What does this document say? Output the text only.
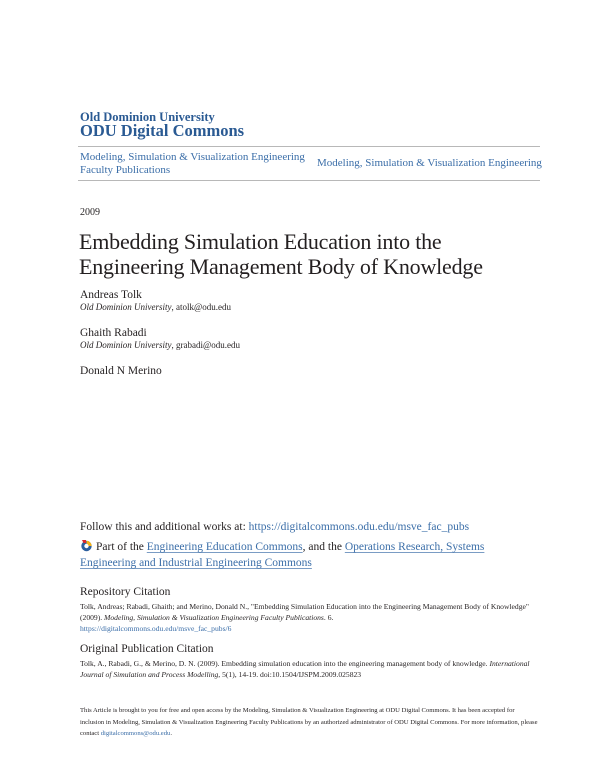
Old Dominion University
ODU Digital Commons
Modeling, Simulation & Visualization Engineering Faculty Publications
Modeling, Simulation & Visualization Engineering
2009
Embedding Simulation Education into the
Engineering Management Body of Knowledge
Andreas Tolk
Old Dominion University, atolk@odu.edu
Ghaith Rabadi
Old Dominion University, grabadi@odu.edu
Donald N Merino
Follow this and additional works at: https://digitalcommons.odu.edu/msve_fac_pubs
Part of the Engineering Education Commons, and the Operations Research, Systems Engineering and Industrial Engineering Commons
Repository Citation
Tolk, Andreas; Rabadi, Ghaith; and Merino, Donald N., "Embedding Simulation Education into the Engineering Management Body of Knowledge" (2009). Modeling, Simulation & Visualization Engineering Faculty Publications. 6.
https://digitalcommons.odu.edu/msve_fac_pubs/6
Original Publication Citation
Tolk, A., Rabadi, G., & Merino, D. N. (2009). Embedding simulation education into the engineering management body of knowledge. International Journal of Simulation and Process Modelling, 5(1), 14-19. doi:10.1504/IJSPM.2009.025823
This Article is brought to you for free and open access by the Modeling, Simulation & Visualization Engineering at ODU Digital Commons. It has been accepted for inclusion in Modeling, Simulation & Visualization Engineering Faculty Publications by an authorized administrator of ODU Digital Commons. For more information, please contact digitalcommons@odu.edu.
